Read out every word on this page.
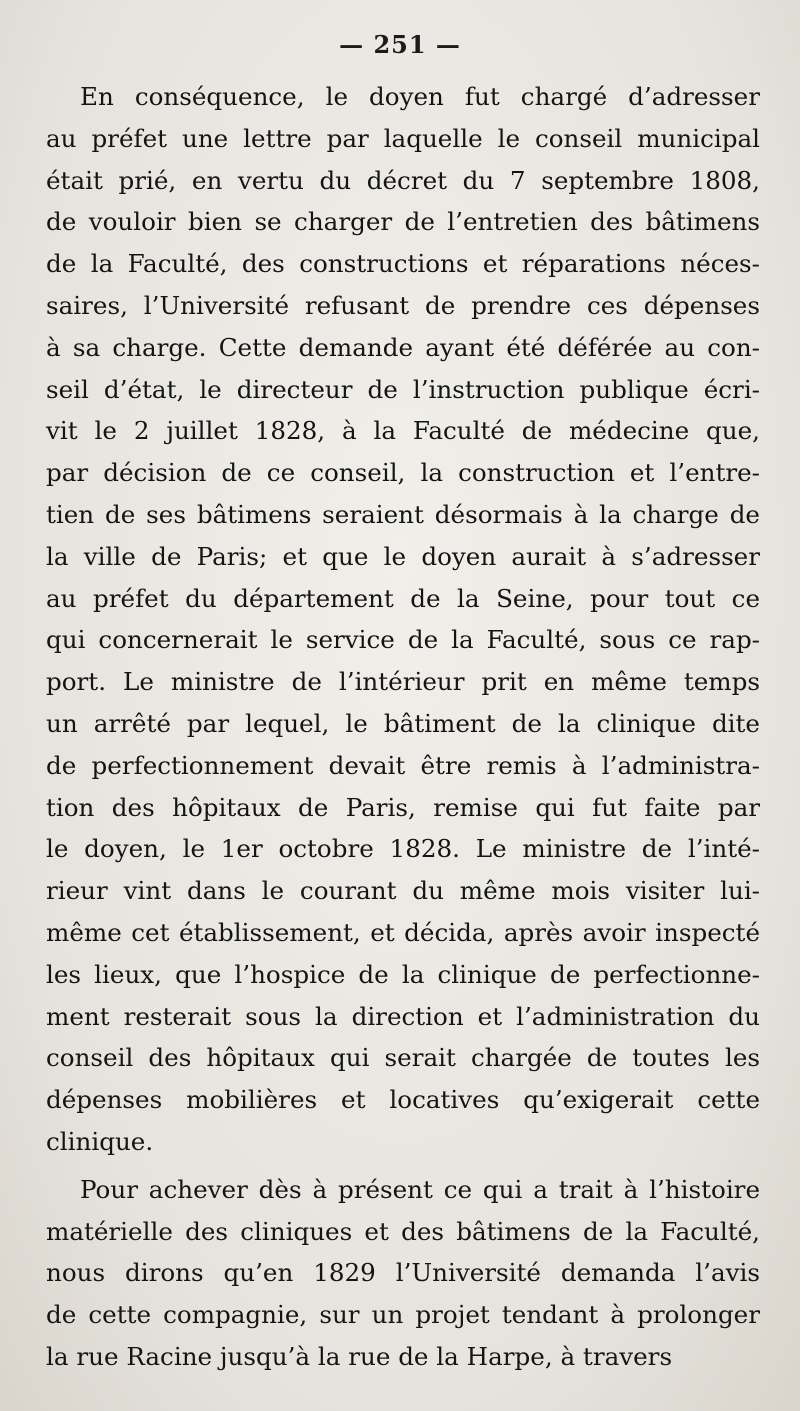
— 251 —
En conséquence, le doyen fut chargé d’adresser
au préfet une lettre par laquelle le conseil municipal
était prié, en vertu du décret du 7 septembre 1808,
de vouloir bien se charger de l’entretien des bâtimens
de la Faculté, des constructions et réparations néces-
saires, l’Université refusant de prendre ces dépenses
à sa charge. Cette demande ayant été déférée au con-
seil d’état, le directeur de l’instruction publique écri-
vit le 2 juillet 1828, à la Faculté de médecine que,
par décision de ce conseil, la construction et l’entre-
tien de ses bâtimens seraient désormais à la charge de
la ville de Paris; et que le doyen aurait à s’adresser
au préfet du département de la Seine, pour tout ce
qui concernerait le service de la Faculté, sous ce rap-
port. Le ministre de l’intérieur prit en même temps
un arrêté par lequel, le bâtiment de la clinique dite
de perfectionnement devait être remis à l’administra-
tion des hôpitaux de Paris, remise qui fut faite par
le doyen, le 1er octobre 1828. Le ministre de l’inté-
rieur vint dans le courant du même mois visiter lui-
même cet établissement, et décida, après avoir inspecté
les lieux, que l’hospice de la clinique de perfectionne-
ment resterait sous la direction et l’administration du
conseil des hôpitaux qui serait chargée de toutes les
dépenses mobilières et locatives qu’exigerait cette
clinique.
Pour achever dès à présent ce qui a trait à l’histoire
matérielle des cliniques et des bâtimens de la Faculté,
nous dirons qu’en 1829 l’Université demanda l’avis
de cette compagnie, sur un projet tendant à prolonger
la rue Racine jusqu’à la rue de la Harpe, à travers
